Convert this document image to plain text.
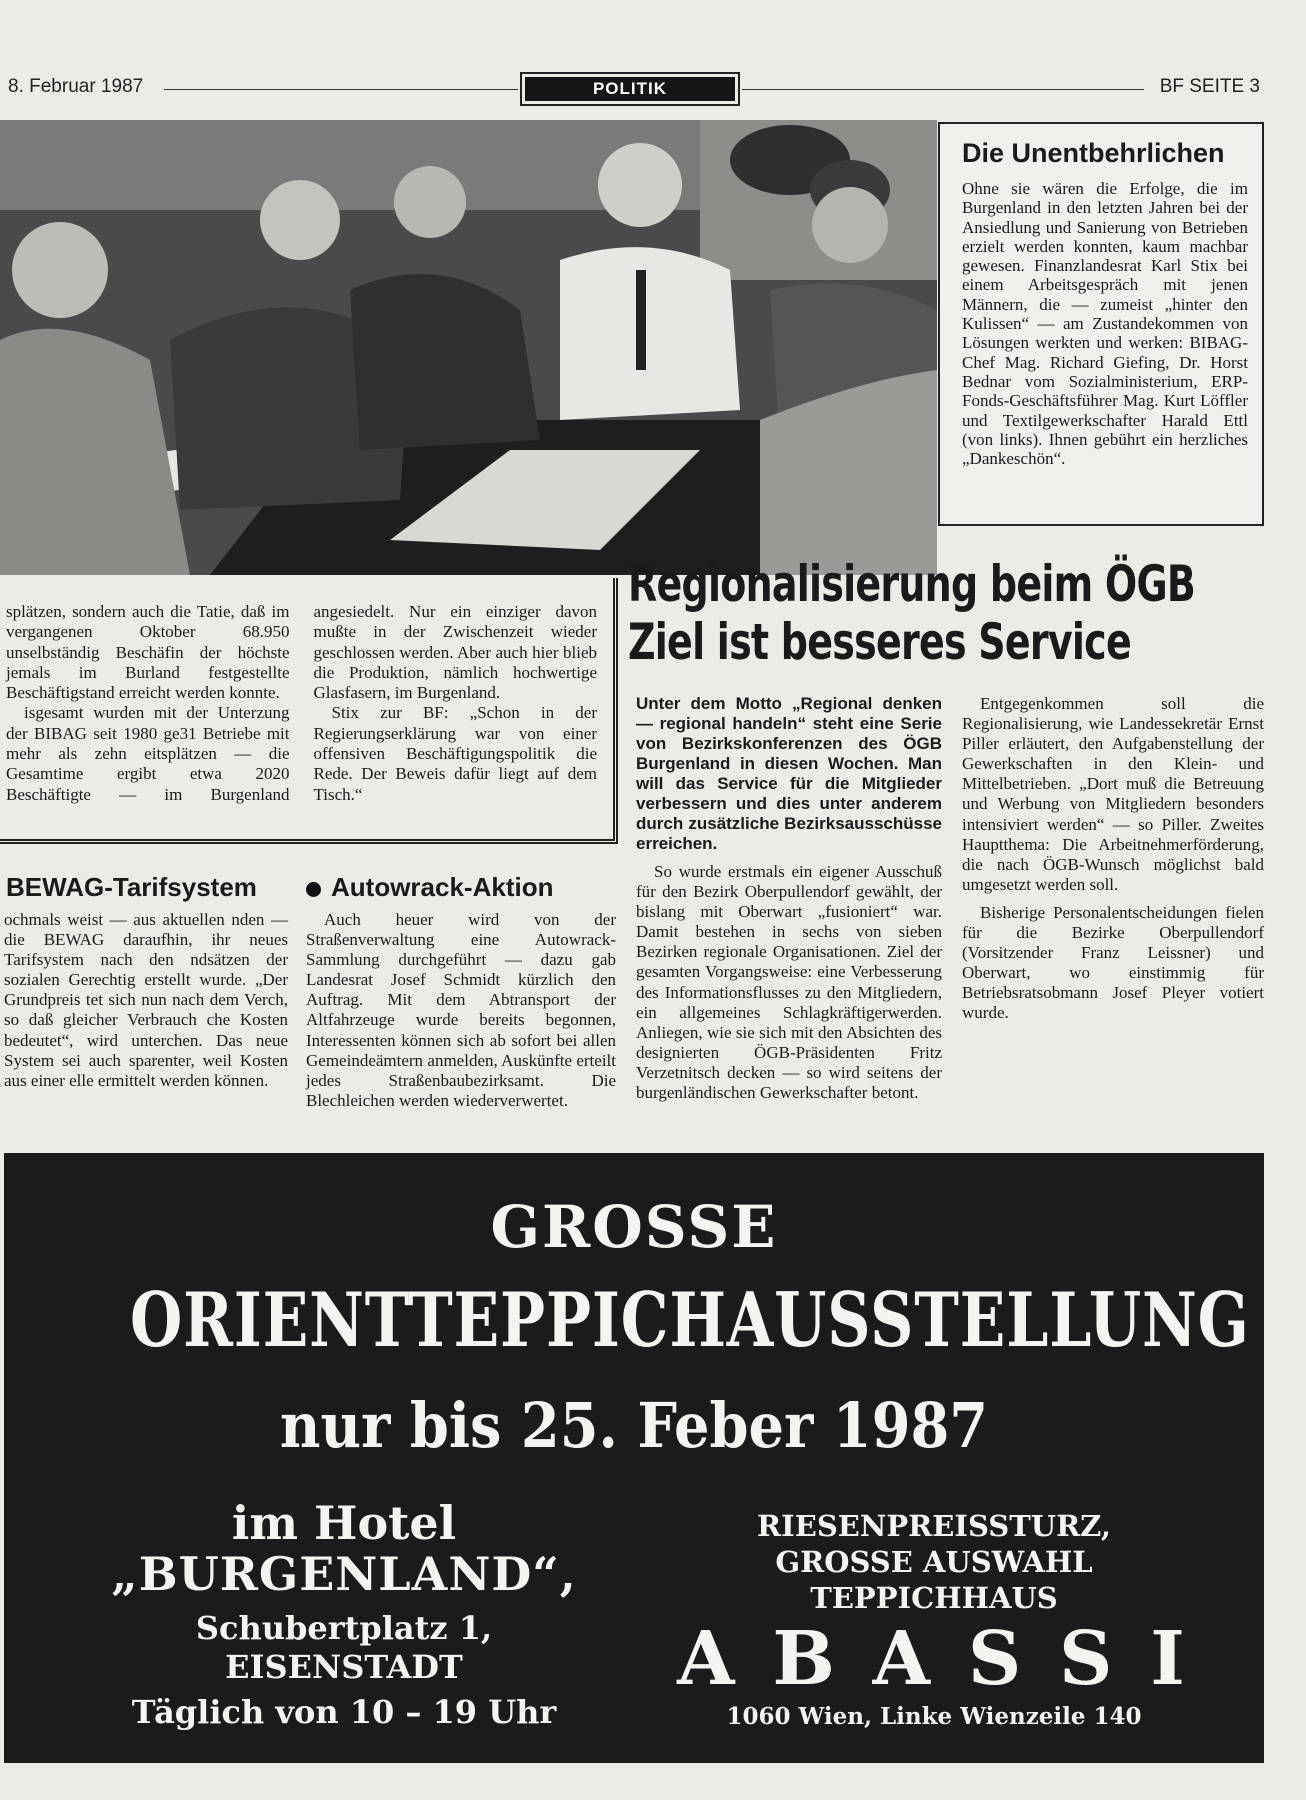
8. Februar 1987	POLITIK	BF SEITE 3
Die Unentbehrlichen

Ohne sie wären die Erfolge, die im Burgenland in den letzten Jahren bei der Ansiedlung und Sanierung von Betrieben erzielt werden konnten, kaum machbar gewesen. Finanzlandesrat Karl Stix bei einem Arbeitsgespräch mit jenen Männern, die — zumeist „hinter den Kulissen“ — am Zustandekommen von Lösungen werkten und werken: BIBAG-Chef Mag. Richard Giefing, Dr. Horst Bednar vom Sozialministerium, ERP-Fonds-Geschäftsführer Mag. Kurt Löffler und Textilgewerkschafter Harald Ettl (von links). Ihnen gebührt ein herzliches „Dankeschön“.

splätzen, sondern auch die Tatie, daß im vergangenen Oktober 68.950 unselbständig Beschäfin der höchste jemals im Burland festgestellte Beschäftigstand erreicht werden konnte.

isgesamt wurden mit der Unterzung der BIBAG seit 1980 ge31 Betriebe mit mehr als zehn eitsplätzen — die Gesamtime ergibt etwa 2020 Beschäftigte — im Burgenland angesiedelt. Nur ein einziger davon mußte in der Zwischenzeit wieder geschlossen werden. Aber auch hier blieb die Produktion, nämlich hochwertige Glasfasern, im Burgenland.

Stix zur BF: „Schon in der Regierungserklärung war von einer offensiven Beschäftigungspolitik die Rede. Der Beweis dafür liegt auf dem Tisch.“

BEWAG-Tarifsystem

ochmals weist — aus aktuellen nden — die BEWAG daraufhin, ihr neues Tarifsystem nach den ndsätzen der sozialen Gerechtig erstellt wurde. „Der Grundpreis tet sich nun nach dem Verch, so daß gleicher Verbrauch che Kosten bedeutet“, wird unterchen. Das neue System sei auch sparenter, weil Kosten aus einer elle ermittelt werden können.

Autowrack-Aktion

Auch heuer wird von der Straßenverwaltung eine Autowrack-Sammlung durchgeführt — dazu gab Landesrat Josef Schmidt kürzlich den Auftrag. Mit dem Abtransport der Altfahrzeuge wurde bereits begonnen, Interessenten können sich ab sofort bei allen Gemeindeämtern anmelden, Auskünfte erteilt jedes Straßenbaubezirksamt. Die Blechleichen werden wiederverwertet.

Regionalisierung beim ÖGB
Ziel ist besseres Service
Unter dem Motto „Regional denken — regional handeln“ steht eine Serie von Bezirkskonferenzen des ÖGB Burgenland in diesen Wochen. Man will das Service für die Mitglieder verbessern und dies unter anderem durch zusätzliche Bezirksausschüsse erreichen.

So wurde erstmals ein eigener Ausschuß für den Bezirk Oberpullendorf gewählt, der bislang mit Oberwart „fusioniert“ war. Damit bestehen in sechs von sieben Bezirken regionale Organisationen. Ziel der gesamten Vorgangsweise: eine Verbesserung des Informationsflusses zu den Mitgliedern, ein allgemeines Schlagkräftigerwerden. Anliegen, wie sie sich mit den Absichten des designierten ÖGB-Präsidenten Fritz Verzetnitsch decken — so wird seitens der burgenländischen Gewerkschafter betont.

Entgegenkommen soll die Regionalisierung, wie Landessekretär Ernst Piller erläutert, den Aufgabenstellung der Gewerkschaften in den Klein- und Mittelbetrieben. „Dort muß die Betreuung und Werbung von Mitgliedern besonders intensiviert werden“ — so Piller. Zweites Hauptthema: Die Arbeitnehmerförderung, die nach ÖGB-Wunsch möglichst bald umgesetzt werden soll.

Bisherige Personalentscheidungen fielen für die Bezirke Oberpullendorf (Vorsitzender Franz Leissner) und Oberwart, wo einstimmig für Betriebsratsobmann Josef Pleyer votiert wurde.

GROSSE
ORIENTTEPPICHAUSSTELLUNG
nur bis 25. Feber 1987
im Hotel
„BURGENLAND“,
Schubertplatz 1,
EISENSTADT
Täglich von 10 – 19 Uhr
RIESENPREISSTURZ,
GROSSE AUSWAHL
TEPPICHHAUS
A B A S S I
1060 Wien, Linke Wienzeile 140
